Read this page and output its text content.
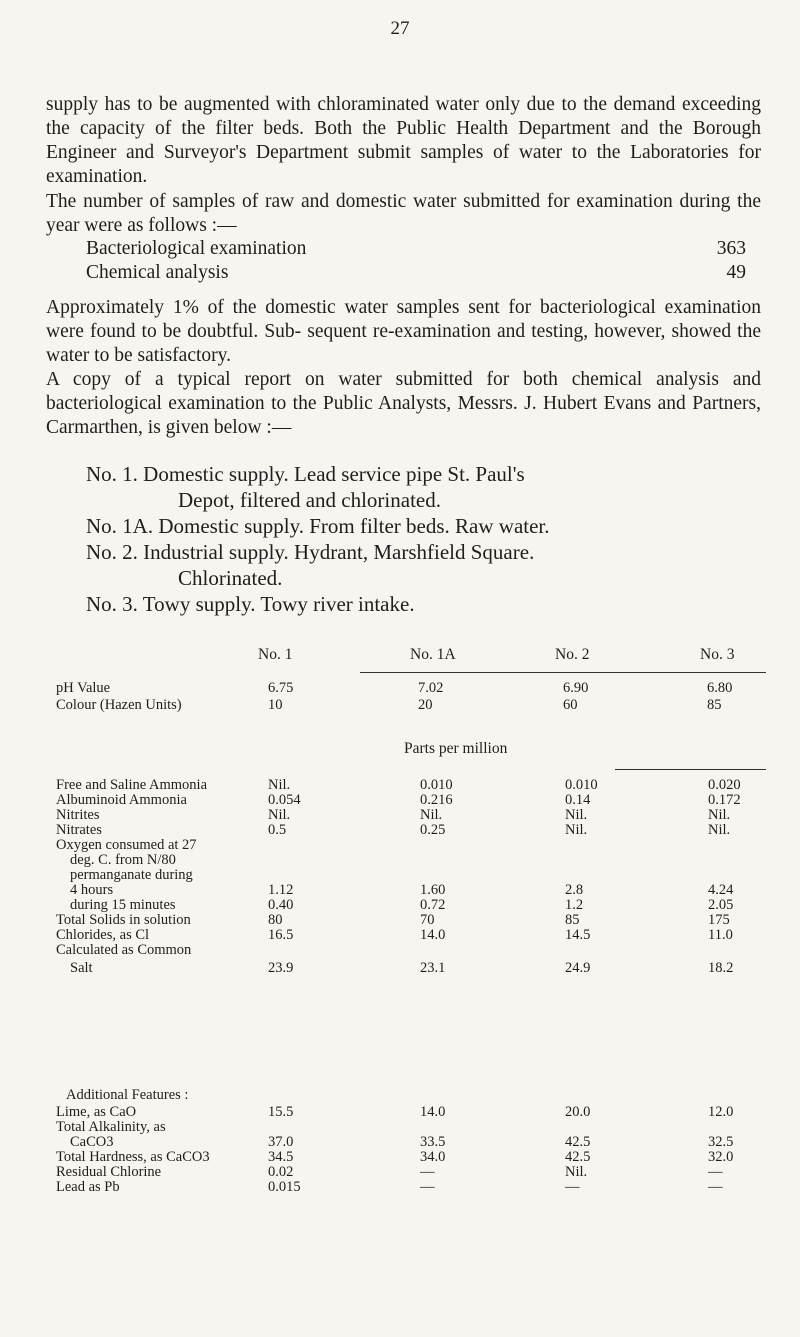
27

supply has to be augmented with chloraminated water only due to the demand exceeding the capacity of the filter beds. Both the Public Health Department and the Borough Engineer and Surveyor's Department submit samples of water to the Laboratories for examination.

The number of samples of raw and domestic water submitted for examination during the year were as follows :—

Bacteriological examination	363
Chemical analysis	49

Approximately 1% of the domestic water samples sent for bacteriological examination were found to be doubtful. Sub- sequent re-examination and testing, however, showed the water to be satisfactory.

A copy of a typical report on water submitted for both chemical analysis and bacteriological examination to the Public Analysts, Messrs. J. Hubert Evans and Partners, Carmarthen, is given below :—

No. 1. Domestic supply. Lead service pipe St. Paul's
Depot, filtered and chlorinated.
No. 1A. Domestic supply. From filter beds. Raw water.
No. 2. Industrial supply. Hydrant, Marshfield Square.
Chlorinated.
No. 3. Towy supply. Towy river intake.
No. 1	No. 1A	No. 2	No. 3
pH Value	6.75	7.02	6.90	6.80
Colour (Hazen Units)	10	20	60	85
Parts per million
Free and Saline Ammonia	Nil.	0.010	0.010	0.020
Albuminoid Ammonia	0.054	0.216	0.14	0.172
Nitrites	Nil.	Nil.	Nil.	Nil.
Nitrates	0.5	0.25	Nil.	Nil.
Oxygen consumed at 27
deg. C. from N/80
permanganate during
4 hours	1.12	1.60	2.8	4.24
during 15 minutes	0.40	0.72	1.2	2.05
Total Solids in solution	80	70	85	175
Chlorides, as Cl	16.5	14.0	14.5	11.0
Calculated as Common
Salt	23.9	23.1	24.9	18.2
Additional Features :
Lime, as CaO	15.5	14.0	20.0	12.0
Total Alkalinity, as
CaCO3	37.0	33.5	42.5	32.5
Total Hardness, as CaCO3	34.5	34.0	42.5	32.0
Residual Chlorine	0.02	—	Nil.	—
Lead as Pb	0.015	—	—	—
